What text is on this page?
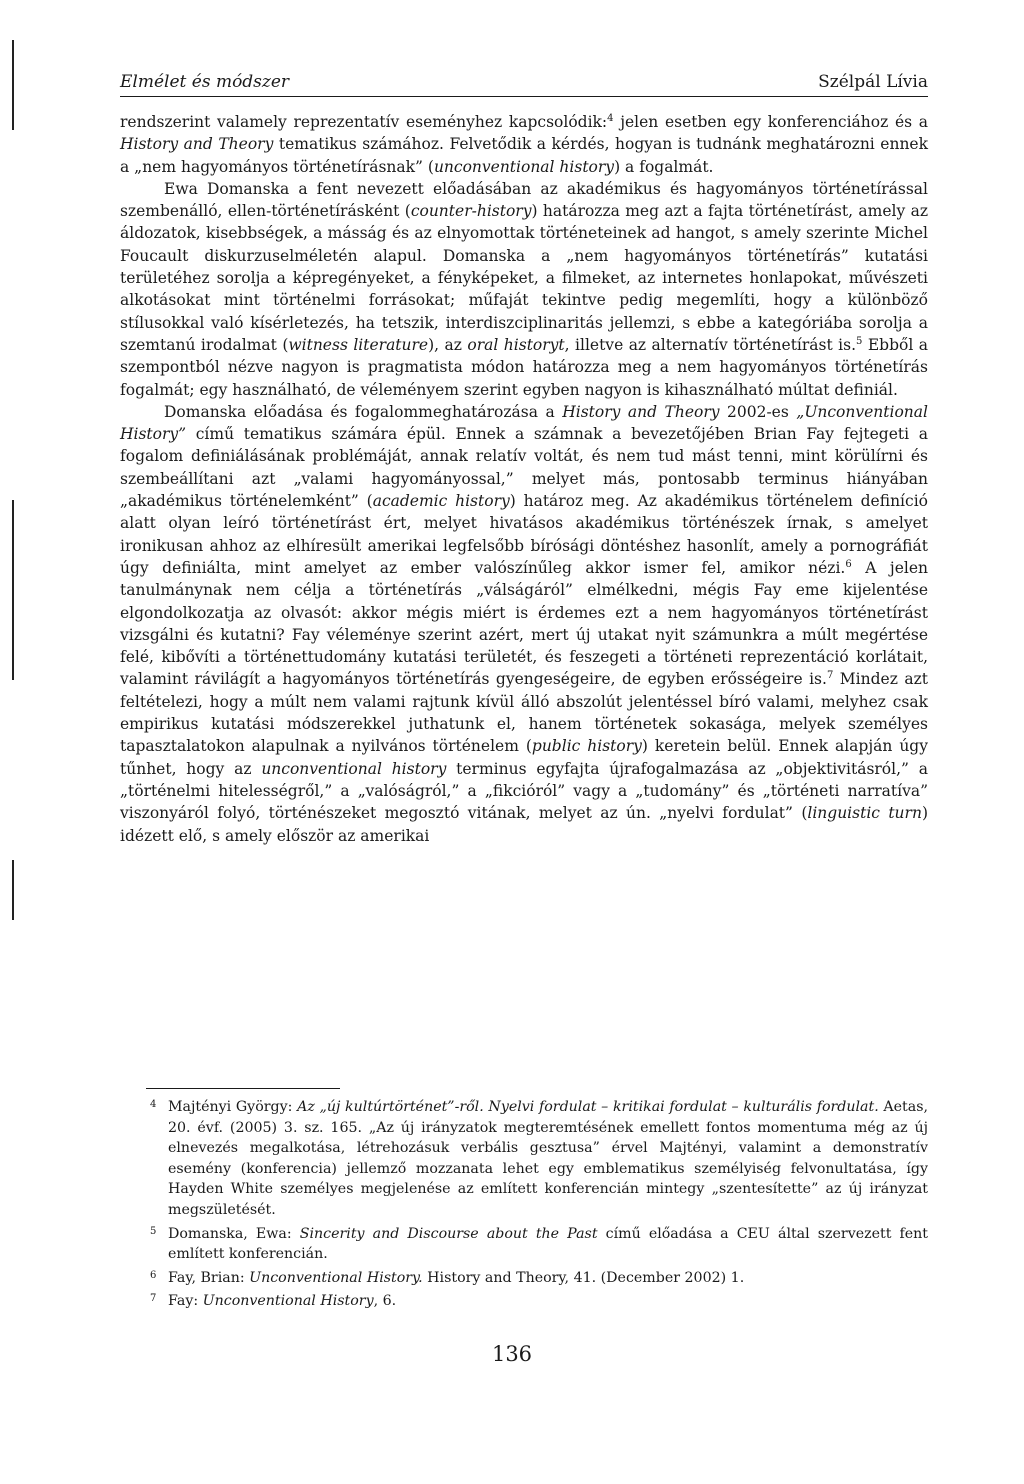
Elmélet és módszer	Szélpál Lívia

rendszerint valamely reprezentatív eseményhez kapcsolódik:$^4$ jelen esetben egy konferenciához és a History and Theory tematikus számához. Felvetődik a kérdés, hogyan is tudnánk meghatározni ennek a „nem hagyományos történetírásnak” (unconventional history) a fogalmát.

Ewa Domanska a fent nevezett előadásában az akadémikus és hagyományos történetírással szembenálló, ellen-történetírásként (counter-history) határozza meg azt a fajta történetírást, amely az áldozatok, kisebbségek, a másság és az elnyomottak történeteinek ad hangot, s amely szerinte Michel Foucault diskurzuselméletén alapul. Domanska a „nem hagyományos történetírás” kutatási területéhez sorolja a képregényeket, a fényképeket, a filmeket, az internetes honlapokat, művészeti alkotásokat mint történelmi forrásokat; műfaját tekintve pedig megemlíti, hogy a különböző stílusokkal való kísérletezés, ha tetszik, interdiszciplinaritás jellemzi, s ebbe a kategóriába sorolja a szemtanú irodalmat (witness literature), az oral historyt, illetve az alternatív történetírást is.$^5$ Ebből a szempontból nézve nagyon is pragmatista módon határozza meg a nem hagyományos történetírás fogalmát; egy használható, de véleményem szerint egyben nagyon is kihasználható múltat definiál.

Domanska előadása és fogalommeghatározása a History and Theory 2002-es „Unconventional History” című tematikus számára épül. Ennek a számnak a bevezetőjében Brian Fay fejtegeti a fogalom definiálásának problémáját, annak relatív voltát, és nem tud mást tenni, mint körülírni és szembeállítani azt „valami hagyományossal,” melyet más, pontosabb terminus hiányában „akadémikus történelemként” (academic history) határoz meg. Az akadémikus történelem definíció alatt olyan leíró történetírást ért, melyet hivatásos akadémikus történészek írnak, s amelyet ironikusan ahhoz az elhíresült amerikai legfelsőbb bírósági döntéshez hasonlít, amely a pornográfiát úgy definiálta, mint amelyet az ember valószínűleg akkor ismer fel, amikor nézi.$^6$ A jelen tanulmánynak nem célja a történetírás „válságáról” elmélkedni, mégis Fay eme kijelentése elgondolkozatja az olvasót: akkor mégis miért is érdemes ezt a nem hagyományos történetírást vizsgálni és kutatni? Fay véleménye szerint azért, mert új utakat nyit számunkra a múlt megértése felé, kibővíti a történettudomány kutatási területét, és feszegeti a történeti reprezentáció korlátait, valamint rávilágít a hagyományos történetírás gyengeségeire, de egyben erősségeire is.$^7$ Mindez azt feltételezi, hogy a múlt nem valami rajtunk kívül álló abszolút jelentéssel bíró valami, melyhez csak empirikus kutatási módszerekkel juthatunk el, hanem történetek sokasága, melyek személyes tapasztalatokon alapulnak a nyilvános történelem (public history) keretein belül. Ennek alapján úgy tűnhet, hogy az unconventional history terminus egyfajta újrafogalmazása az „objektivitásról,” a „történelmi hitelességről,” a „valóságról,” a „fikcióról” vagy a „tudomány” és „történeti narratíva” viszonyáról folyó, történészeket megosztó vitának, melyet az ún. „nyelvi fordulat” (linguistic turn) idézett elő, s amely először az amerikai

4 Majtényi György: Az „új kultúrtörténet”-ről. Nyelvi fordulat – kritikai fordulat – kulturális fordulat. Aetas, 20. évf. (2005) 3. sz. 165. „Az új irányzatok megteremtésének emellett fontos momentuma még az új elnevezés megalkotása, létrehozásuk verbális gesztusa” érvel Majtényi, valamint a demonstratív esemény (konferencia) jellemző mozzanata lehet egy emblematikus személyiség felvonultatása, így Hayden White személyes megjelenése az említett konferencián mintegy „szentesítette” az új irányzat megszületését.
5 Domanska, Ewa: Sincerity and Discourse about the Past című előadása a CEU által szervezett fent említett konferencián.
6 Fay, Brian: Unconventional History. History and Theory, 41. (December 2002) 1.
7 Fay: Unconventional History, 6.
136
